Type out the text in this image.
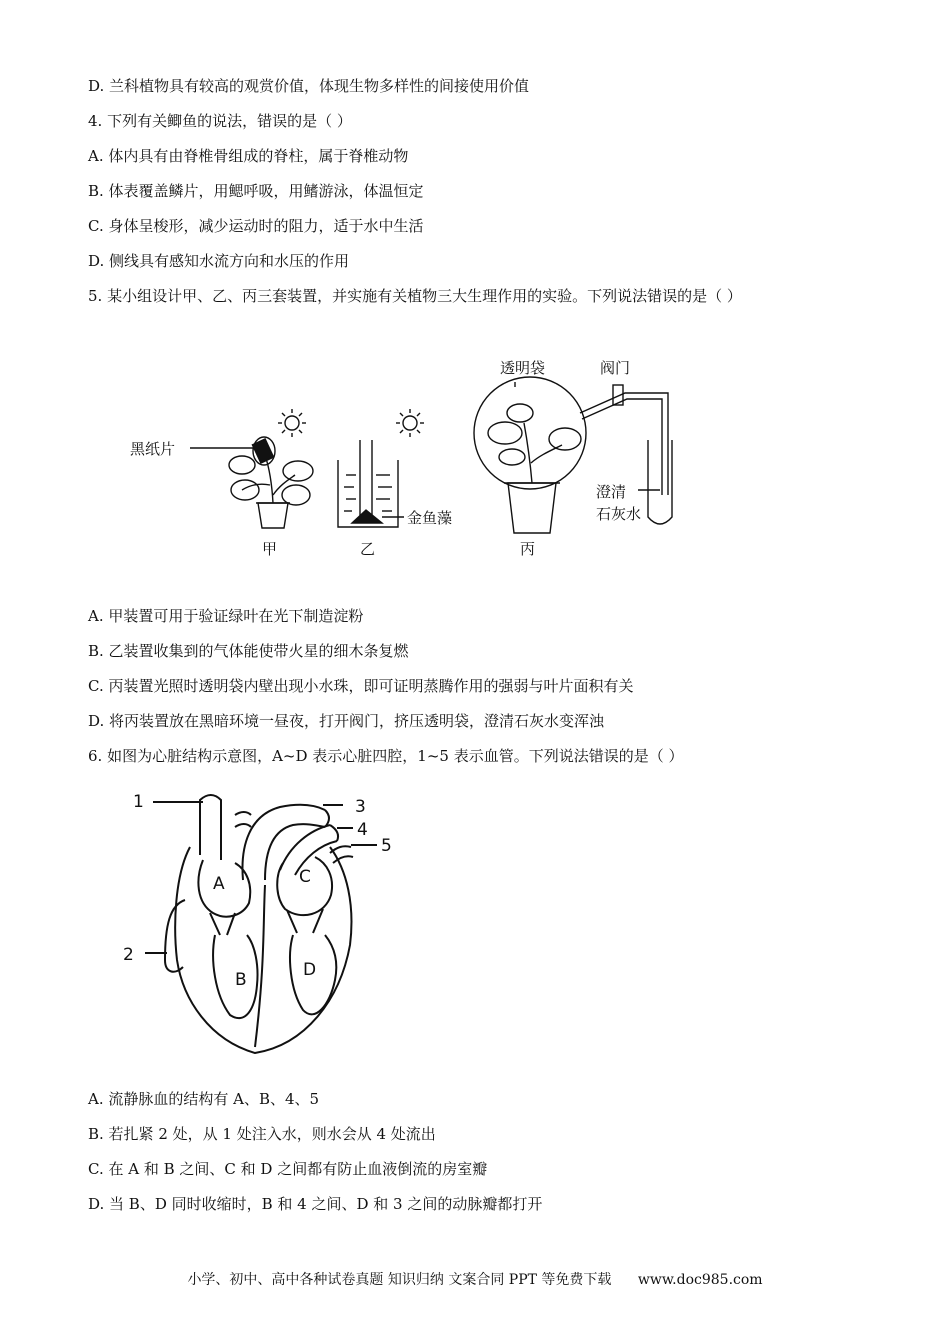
D. 兰科植物具有较高的观赏价值，体现生物多样性的间接使用价值
4. 下列有关鲫鱼的说法，错误的是（ ）
A. 体内具有由脊椎骨组成的脊柱，属于脊椎动物
B. 体表覆盖鳞片，用鳃呼吸，用鳍游泳，体温恒定
C. 身体呈梭形，减少运动时的阻力，适于水中生活
D. 侧线具有感知水流方向和水压的作用
5. 某小组设计甲、乙、丙三套装置，并实施有关植物三大生理作用的实验。下列说法错误的是（ ）
黑纸片
透明袋	阀门
金鱼藻
澄清
石灰水
甲	乙	丙
A. 甲装置可用于验证绿叶在光下制造淀粉
B. 乙装置收集到的气体能使带火星的细木条复燃
C. 丙装置光照时透明袋内壁出现小水珠，即可证明蒸腾作用的强弱与叶片面积有关
D. 将丙装置放在黑暗环境一昼夜，打开阀门，挤压透明袋，澄清石灰水变浑浊
6. 如图为心脏结构示意图，A~D 表示心脏四腔，1~5 表示血管。下列说法错误的是（ ）
1
2
3
4
5
A
B
C
D
A. 流静脉血的结构有 A、B、4、5
B. 若扎紧 2 处，从 1 处注入水，则水会从 4 处流出
C. 在 A 和 B 之间、C 和 D 之间都有防止血液倒流的房室瓣
D. 当 B、D 同时收缩时，B 和 4 之间、D 和 3 之间的动脉瓣都打开
小学、初中、高中各种试卷真题 知识归纳 文案合同 PPT 等免费下载 www.doc985.com
